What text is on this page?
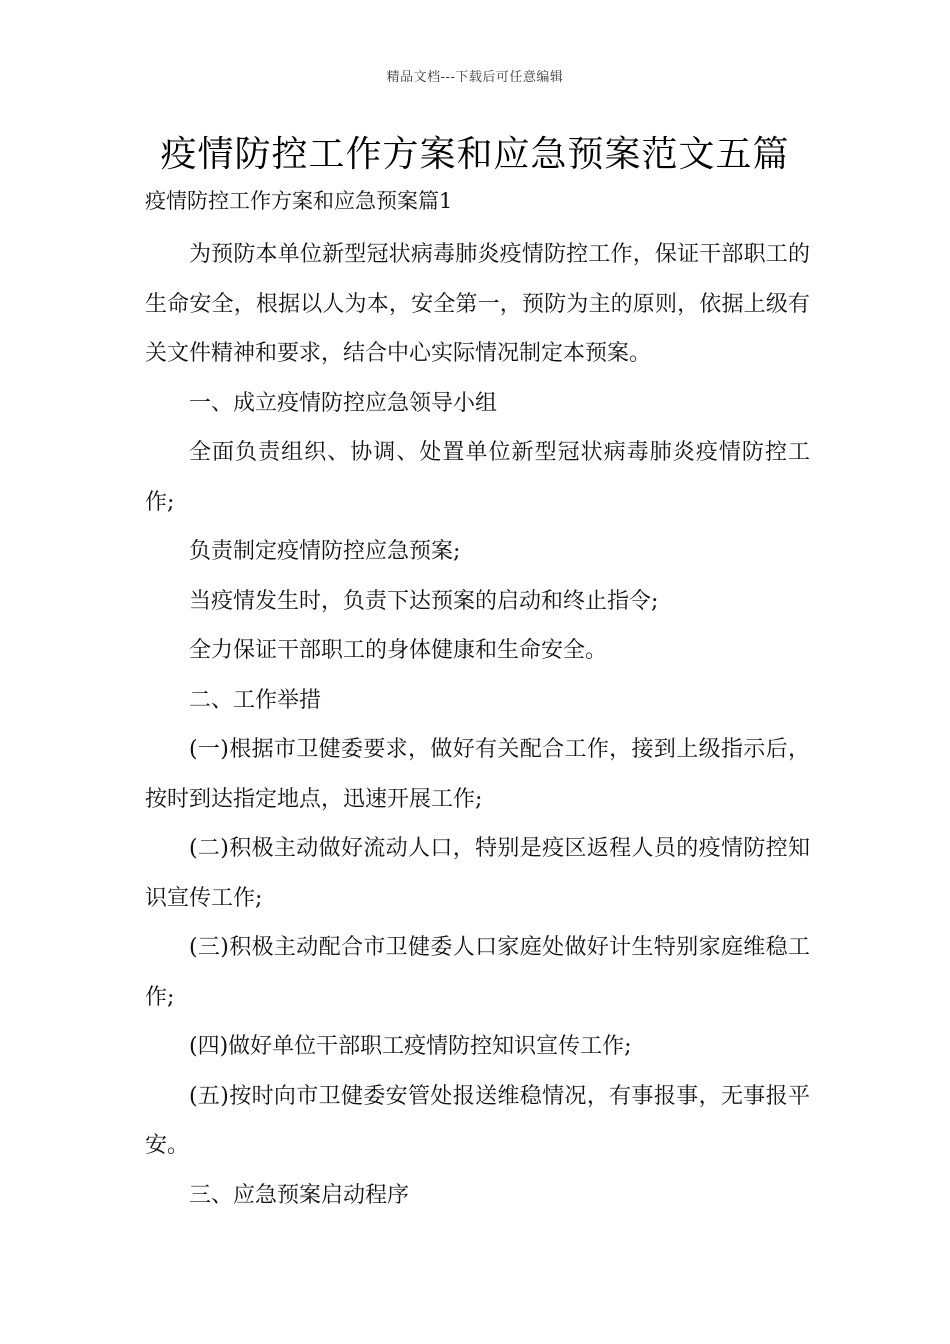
精品文档---下载后可任意编辑
疫情防控工作方案和应急预案范文五篇
疫情防控工作方案和应急预案篇1

为预防本单位新型冠状病毒肺炎疫情防控工作，保证干部职工的生命安全，根据以人为本，安全第一，预防为主的原则，依据上级有关文件精神和要求，结合中心实际情况制定本预案。

一、成立疫情防控应急领导小组

全面负责组织、协调、处置单位新型冠状病毒肺炎疫情防控工作;

负责制定疫情防控应急预案;

当疫情发生时，负责下达预案的启动和终止指令;

全力保证干部职工的身体健康和生命安全。

二、工作举措

(一)根据市卫健委要求，做好有关配合工作，接到上级指示后，按时到达指定地点，迅速开展工作;

(二)积极主动做好流动人口，特别是疫区返程人员的疫情防控知识宣传工作;

(三)积极主动配合市卫健委人口家庭处做好计生特别家庭维稳工作;

(四)做好单位干部职工疫情防控知识宣传工作;

(五)按时向市卫健委安管处报送维稳情况，有事报事，无事报平安。

三、应急预案启动程序
